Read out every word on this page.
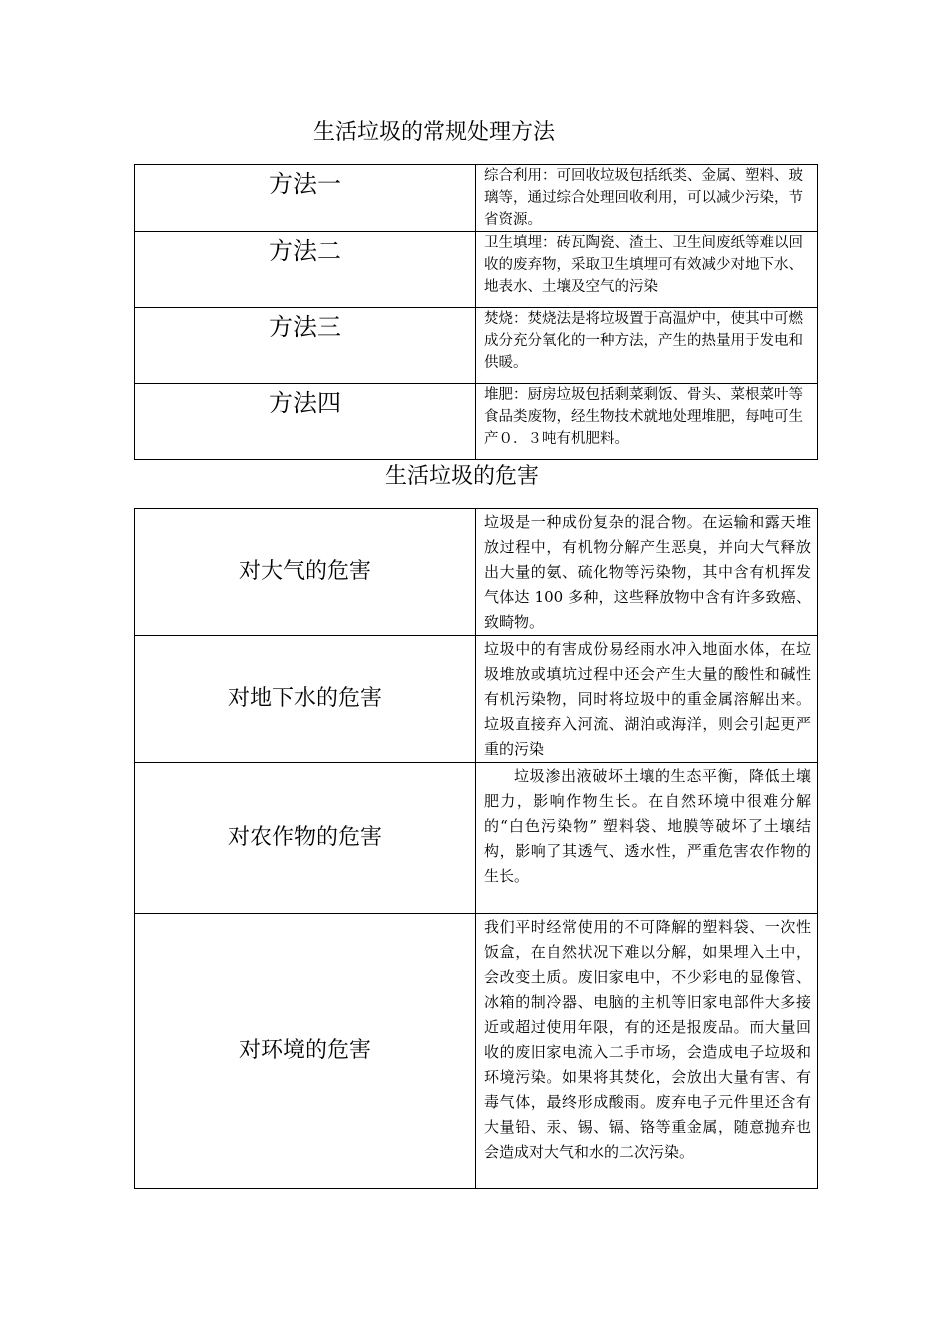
生活垃圾的常规处理方法
方法一	综合利用：可回收垃圾包括纸类、金属、塑料、玻璃等，通过综合处理回收利用，可以减少污染，节省资源。
方法二	卫生填埋：砖瓦陶瓷、渣土、卫生间废纸等难以回收的废弃物，采取卫生填埋可有效减少对地下水、地表水、土壤及空气的污染
方法三	焚烧：焚烧法是将垃圾置于高温炉中，使其中可燃成分充分氧化的一种方法，产生的热量用于发电和供暖。
方法四	堆肥：厨房垃圾包括剩菜剩饭、骨头、菜根菜叶等食品类废物，经生物技术就地处理堆肥，每吨可生产０．３吨有机肥料。
生活垃圾的危害
对大气的危害	垃圾是一种成份复杂的混合物。在运输和露天堆放过程中，有机物分解产生恶臭，并向大气释放出大量的氨、硫化物等污染物，其中含有机挥发气体达 100 多种，这些释放物中含有许多致癌、致畸物。
对地下水的危害	垃圾中的有害成份易经雨水冲入地面水体，在垃圾堆放或填坑过程中还会产生大量的酸性和碱性有机污染物，同时将垃圾中的重金属溶解出来。垃圾直接弃入河流、湖泊或海洋，则会引起更严重的污染
对农作物的危害	垃圾渗出液破坏土壤的生态平衡，降低土壤肥力，影响作物生长。在自然环境中很难分解的“白色污染物” 塑料袋、地膜等破坏了土壤结构，影响了其透气、透水性，严重危害农作物的生长。
对环境的危害	我们平时经常使用的不可降解的塑料袋、一次性饭盒，在自然状况下难以分解，如果埋入土中，会改变土质。废旧家电中，不少彩电的显像管、冰箱的制冷器、电脑的主机等旧家电部件大多接近或超过使用年限，有的还是报废品。而大量回收的废旧家电流入二手市场，会造成电子垃圾和环境污染。如果将其焚化，会放出大量有害、有毒气体，最终形成酸雨。废弃电子元件里还含有大量铅、汞、锡、镉、铬等重金属，随意抛弃也会造成对大气和水的二次污染。
